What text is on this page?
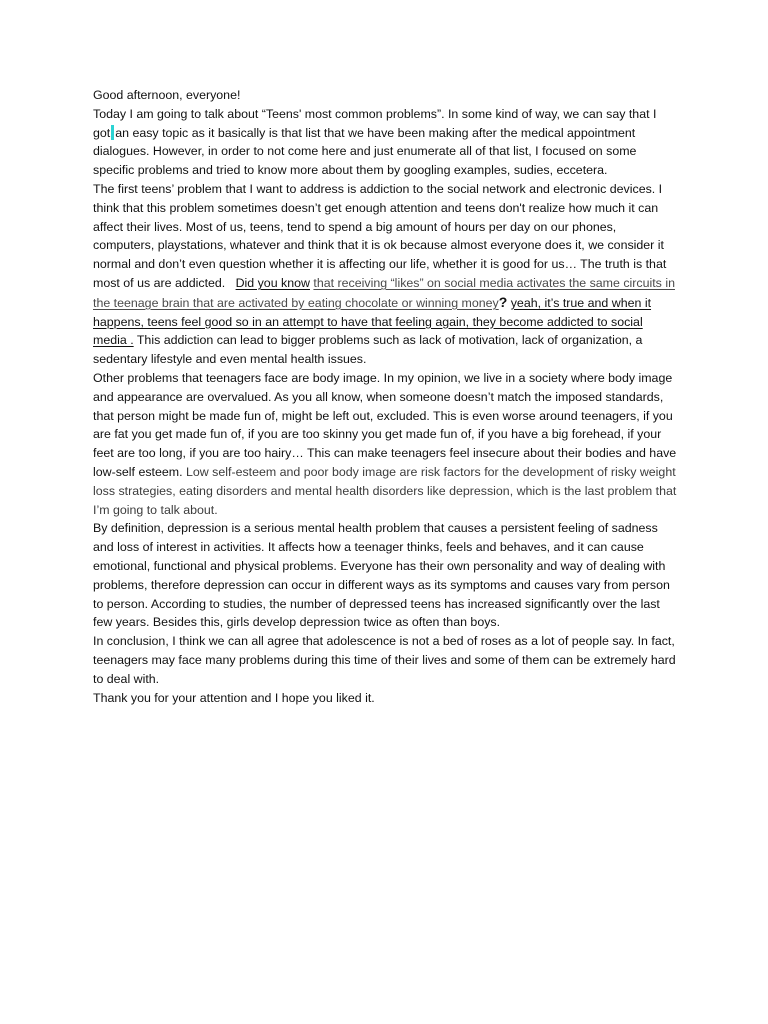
Good afternoon, everyone!

Today I am going to talk about “Teens' most common problems”. In some kind of way, we can say that I got an easy topic as it basically is that list that we have been making after the medical appointment dialogues. However, in order to not come here and just enumerate all of that list, I focused on some specific problems and tried to know more about them by googling examples, sudies, eccetera.

The first teens’ problem that I want to address is addiction to the social network and electronic devices. I think that this problem sometimes doesn’t get enough attention and teens don't realize how much it can affect their lives. Most of us, teens, tend to spend a big amount of hours per day on our phones, computers, playstations, whatever and think that it is ok because almost everyone does it, we consider it normal and don’t even question whether it is affecting our life, whether it is good for us… The truth is that most of us are addicted. Did you know that receiving “likes” on social media activates the same circuits in the teenage brain that are activated by eating chocolate or winning money? yeah, it’s true and when it happens, teens feel good so in an attempt to have that feeling again, they become addicted to social media . This addiction can lead to bigger problems such as lack of motivation, lack of organization, a sedentary lifestyle and even mental health issues.

Other problems that teenagers face are body image. In my opinion, we live in a society where body image and appearance are overvalued. As you all know, when someone doesn’t match the imposed standards, that person might be made fun of, might be left out, excluded. This is even worse around teenagers, if you are fat you get made fun of, if you are too skinny you get made fun of, if you have a big forehead, if your feet are too long, if you are too hairy… This can make teenagers feel insecure about their bodies and have low-self esteem. Low self-esteem and poor body image are risk factors for the development of risky weight loss strategies, eating disorders and mental health disorders like depression, which is the last problem that I’m going to talk about.

By definition, depression is a serious mental health problem that causes a persistent feeling of sadness and loss of interest in activities. It affects how a teenager thinks, feels and behaves, and it can cause emotional, functional and physical problems. Everyone has their own personality and way of dealing with problems, therefore depression can occur in different ways as its symptoms and causes vary from person to person. According to studies, the number of depressed teens has increased significantly over the last few years. Besides this, girls develop depression twice as often than boys.

In conclusion, I think we can all agree that adolescence is not a bed of roses as a lot of people say. In fact, teenagers may face many problems during this time of their lives and some of them can be extremely hard to deal with.

Thank you for your attention and I hope you liked it.
